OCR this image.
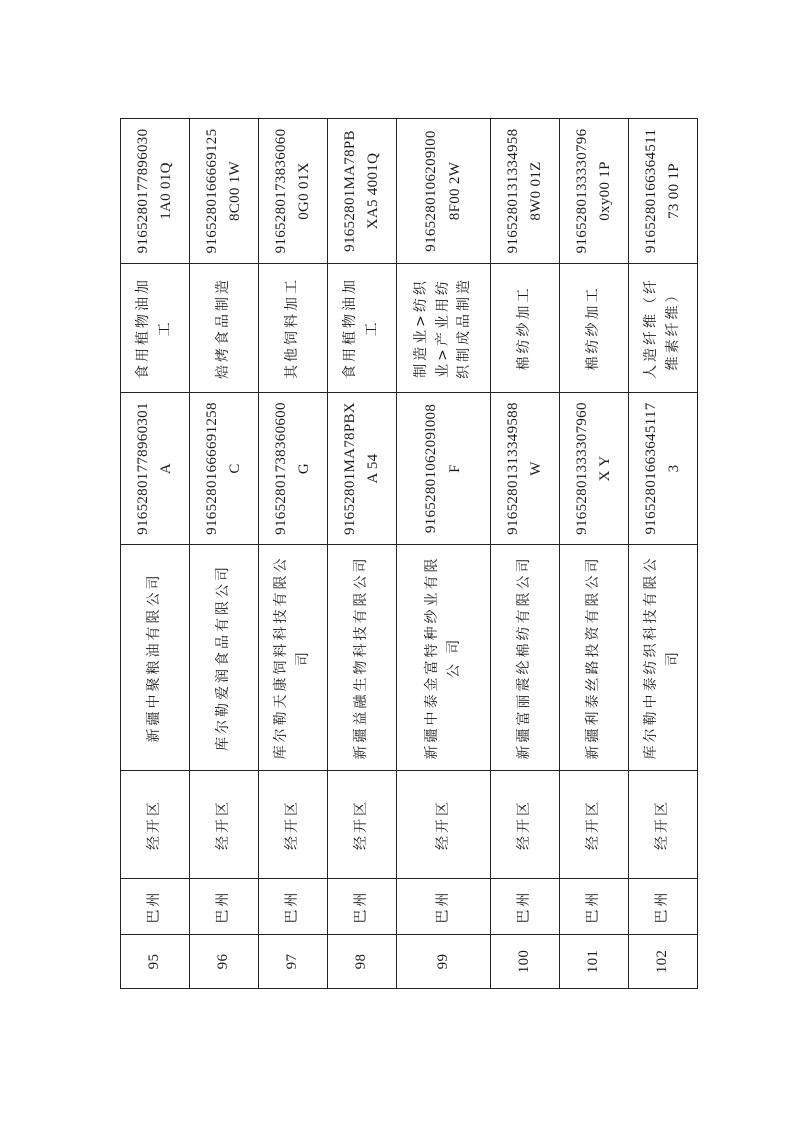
95	巴州	经开区	新疆中聚粮油有限公司	91652801778960301A	食用植物油加工	91652801778960301A0 01Q
96	巴州	经开区	库尔勒爱润食品有限公司	91652801666691258C	焙烤食品制造	91652801666691258C00 1W
97	巴州	经开区	库尔勒天康饲料科技有限公司	91652801738360600G	其他饲料加工	91652801738360600G0 01X
98	巴州	经开区	新疆益融生物科技有限公司	91652801MA78PBXA 54	食用植物油加工	91652801MA78PBXA5 4001Q
99	巴州	经开区	新疆中泰金富特种纱业有限公 司	9165280106209l008F	制造业>纺织业>产业用纺织制成品制造	9165280106209l008F00 2W
100	巴州	经开区	新疆富丽震纶棉纺有限公司	91652801313349588 W	棉纺纱加工	91652801313349588W0 01Z
101	巴州	经开区	新疆利泰丝路投资有限公司	91652801333307960X Y	棉纺纱加工	91652801333307960xy00 1P
102	巴州	经开区	库尔勒中泰纺织科技有限公司	916528016636451173	人造纤维（纤维素纤维）	916528016636451173 00 1P
